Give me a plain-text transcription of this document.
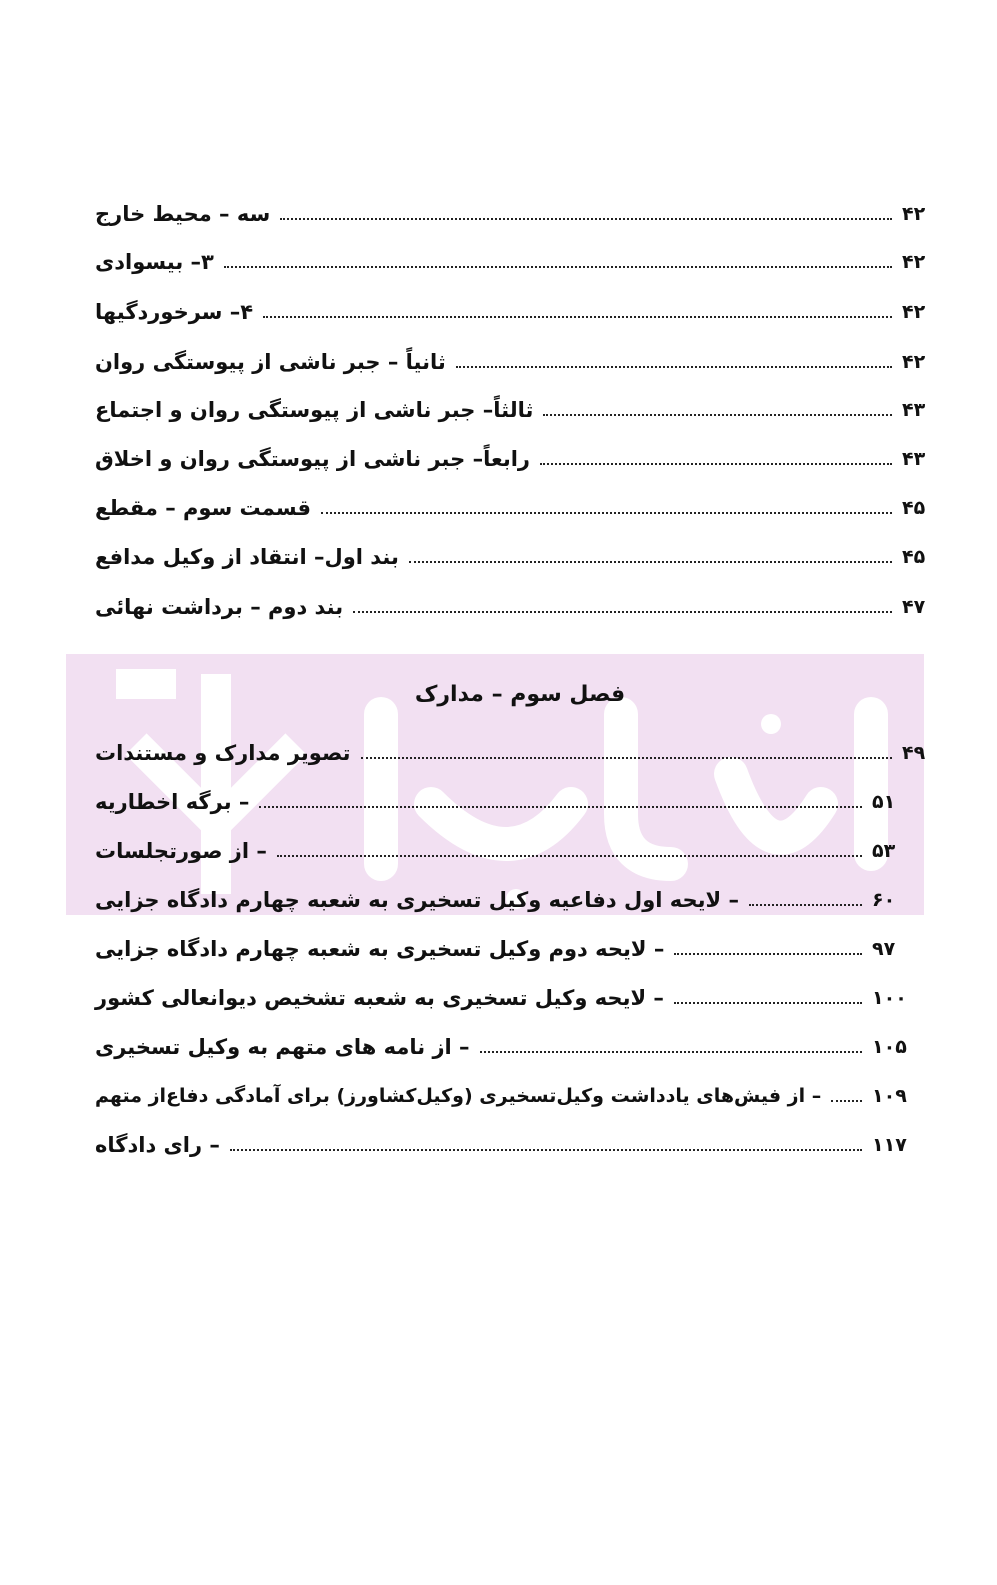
سه – محیط خارج	۴۲
۳– بیسوادی	۴۲
۴– سرخوردگیها	۴۲
ثانیاً – جبر ناشی از پیوستگی روان	۴۲
ثالثاً– جبر ناشی از پیوستگی روان و اجتماع	۴۳
رابعاً– جبر ناشی از پیوستگی روان و اخلاق	۴۳
قسمت سوم – مقطع	۴۵
بند اول– انتقاد از وکیل مدافع	۴۵
بند دوم – برداشت نهائی	۴۷
فصل سوم – مدارک
تصویر مدارک و مستندات	۴۹
– برگه اخطاریه	۵۱
– از صورتجلسات	۵۳
– لایحه اول دفاعیه وکیل تسخیری به شعبه چهارم دادگاه جزایی	۶۰
– لایحه دوم وکیل تسخیری به شعبه چهارم دادگاه جزایی	۹۷
– لایحه وکیل تسخیری به شعبه تشخیص دیوانعالی کشور	۱۰۰
– از نامه های متهم به وکیل تسخیری	۱۰۵
– از فیش‌های یادداشت وکیل‌تسخیری (وکیل‌کشاورز) برای آمادگی دفاع‌از متهم	۱۰۹
– رای دادگاه	۱۱۷
